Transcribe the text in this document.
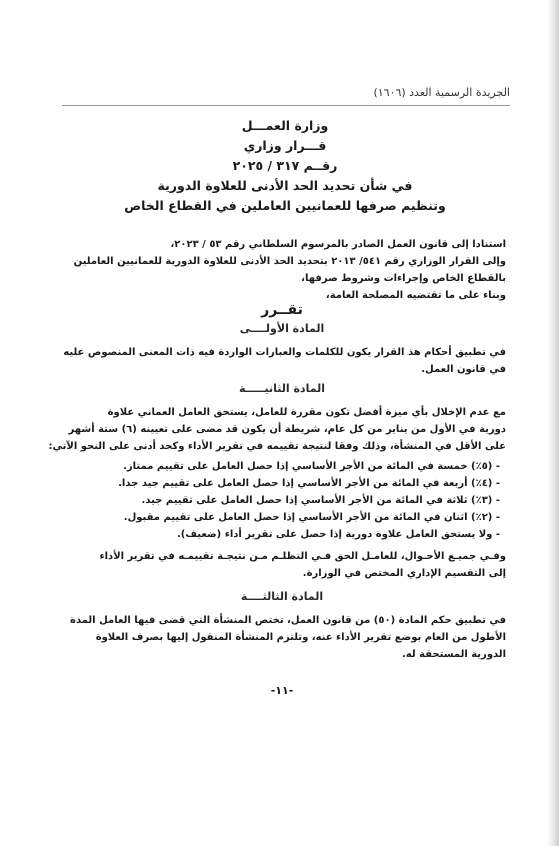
الجريدة الرسمية العدد (١٦٠٦)
وزارة العمـــل
قـــرار وزاري
رقــم ٣١٧ / ٢٠٢٥
في شأن تحديد الحد الأدنى للعلاوة الدورية
وتنظيم صرفها للعمانيين العاملين في القطاع الخاص
استنادا إلى قانون العمل الصادر بالمرسوم السلطاني رقم ٥٣ / ٢٠٢٣،
وإلى القرار الوزاري رقم ٥٤١/ ٢٠١٣ بتحديد الحد الأدنى للعلاوة الدورية للعمانيين العاملين
بالقطاع الخاص وإجراءات وشروط صرفها،
وبناء على ما تقتضيه المصلحة العامة،
تقــرر
المادة الأولــــى
في تطبيق أحكام هذ القرار يكون للكلمات والعبارات الواردة فيه ذات المعنى المنصوص عليه
في قانون العمل.
المادة الثانيـــــة
مع عدم الإخلال بأي ميزة أفضل تكون مقررة للعامل، يستحق العامل العماني علاوة
دورية في الأول من يناير من كل عام، شريطة أن يكون قد مضى على تعيينه (٦) ستة أشهر
على الأقل في المنشأة، وذلك وفقا لنتيجة تقييمه في تقرير الأداء وكحد أدنى على النحو الآتي:
- (٥٪) خمسة في المائة من الأجر الأساسي إذا حصل العامل على تقييم ممتاز.
- (٤٪) أربعة في المائة من الأجر الأساسي إذا حصل العامل على تقييم جيد جدا.
- (٣٪) ثلاثة في المائة من الأجر الأساسي إذا حصل العامل على تقييم جيد.
- (٢٪) اثنان في المائة من الأجر الأساسي إذا حصل العامل على تقييم مقبول.
- ولا يستحق العامل علاوة دورية إذا حصل على تقرير أداء (ضعيف).
وفـي جميـع الأحـوال، للعامـل الحق فـي التظلـم مـن نتيجـة تقييمـه في تقرير الأداء
إلى التقسيم الإداري المختص في الوزارة.
المادة الثالثــــة
في تطبيق حكم المادة (٥٠) من قانون العمل، تختص المنشأة التي قضى فيها العامل المدة
الأطول من العام بوضع تقرير الأداء عنه، وتلتزم المنشأة المنقول إليها بصرف العلاوة
الدورية المستحقة له.
-١١-
